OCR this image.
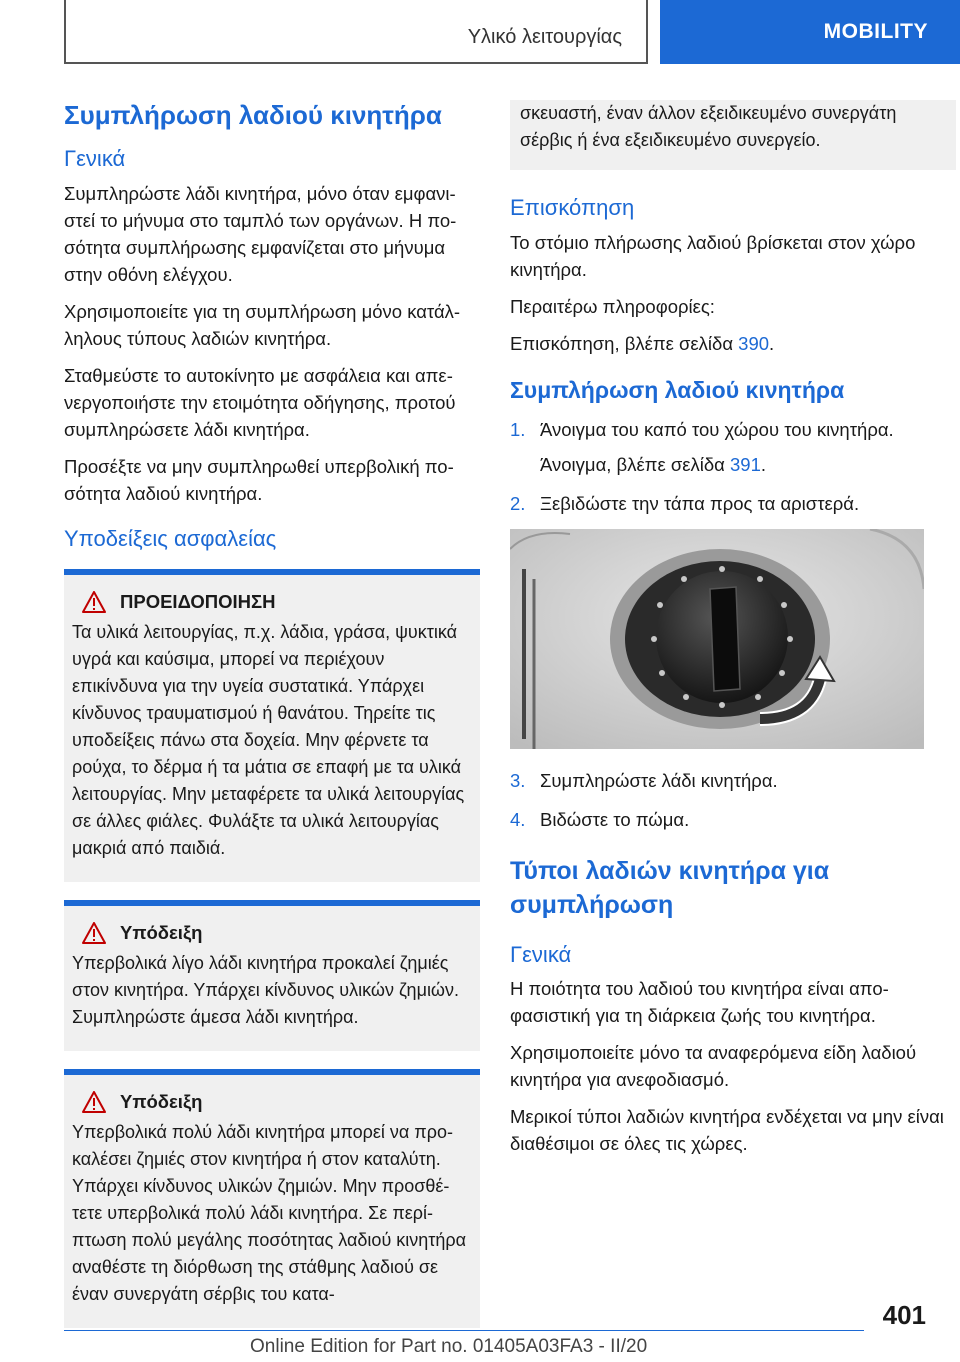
Υλικό λειτουργίας	MOBILITY
Συμπλήρωση λαδιού κινητήρα
Γενικά

Συμπληρώστε λάδι κινητήρα, μόνο όταν εμφανιστεί το μήνυμα στο ταμπλό των οργάνων. Η ποσότητα συμπλήρωσης εμφανίζεται στο μήνυμα στην οθόνη ελέγχου.

Χρησιμοποιείτε για τη συμπλήρωση μόνο κατάλληλους τύπους λαδιών κινητήρα.

Σταθμεύστε το αυτοκίνητο με ασφάλεια και απενεργοποιήστε την ετοιμότητα οδήγησης, προτού συμπληρώσετε λάδι κινητήρα.

Προσέξτε να μην συμπληρωθεί υπερβολική ποσότητα λαδιού κινητήρα.

Υποδείξεις ασφαλείας
ΠΡΟΕΙΔΟΠΟΙΗΣΗ

Τα υλικά λειτουργίας, π.χ. λάδια, γράσα, ψυκτικά υγρά και καύσιμα, μπορεί να περιέχουν επικίνδυνα για την υγεία συστατικά. Υπάρχει κίνδυνος τραυματισμού ή θανάτου. Τηρείτε τις υποδείξεις πάνω στα δοχεία. Μην φέρνετε τα ρούχα, το δέρμα ή τα μάτια σε επαφή με τα υλικά λειτουργίας. Μην μεταφέρετε τα υλικά λειτουργίας σε άλλες φιάλες. Φυλάξτε τα υλικά λειτουργίας μακριά από παιδιά.

Υπόδειξη

Υπερβολικά λίγο λάδι κινητήρα προκαλεί ζημιές στον κινητήρα. Υπάρχει κίνδυνος υλικών ζημιών. Συμπληρώστε άμεσα λάδι κινητήρα.

Υπόδειξη

Υπερβολικά πολύ λάδι κινητήρα μπορεί να προκαλέσει ζημιές στον κινητήρα ή στον καταλύτη. Υπάρχει κίνδυνος υλικών ζημιών. Μην προσθέτετε υπερβολικά πολύ λάδι κινητήρα. Σε περίπτωση πολύ μεγάλης ποσότητας λαδιού κινητήρα αναθέστε τη διόρθωση της στάθμης λαδιού σε έναν συνεργάτη σέρβις του κατα-

σκευαστή, έναν άλλον εξειδικευμένο συνεργάτη σέρβις ή ένα εξειδικευμένο συνεργείο.
Επισκόπηση

Το στόμιο πλήρωσης λαδιού βρίσκεται στον χώρο κινητήρα.

Περαιτέρω πληροφορίες:

Επισκόπηση, βλέπε σελίδα 390.

Συμπλήρωση λαδιού κινητήρα
1. Άνοιγμα του καπό του χώρου του κινητήρα.
Άνοιγμα, βλέπε σελίδα 391.
2. Ξεβιδώστε την τάπα προς τα αριστερά.
3. Συμπληρώστε λάδι κινητήρα.
4. Βιδώστε το πώμα.
Τύποι λαδιών κινητήρα για συμπλήρωση
Γενικά

Η ποιότητα του λαδιού του κινητήρα είναι αποφασιστική για τη διάρκεια ζωής του κινητήρα.

Χρησιμοποιείτε μόνο τα αναφερόμενα είδη λαδιού κινητήρα για ανεφοδιασμό.

Μερικοί τύποι λαδιών κινητήρα ενδέχεται να μην είναι διαθέσιμοι σε όλες τις χώρες.

401
Online Edition for Part no. 01405A03FA3 - II/20
